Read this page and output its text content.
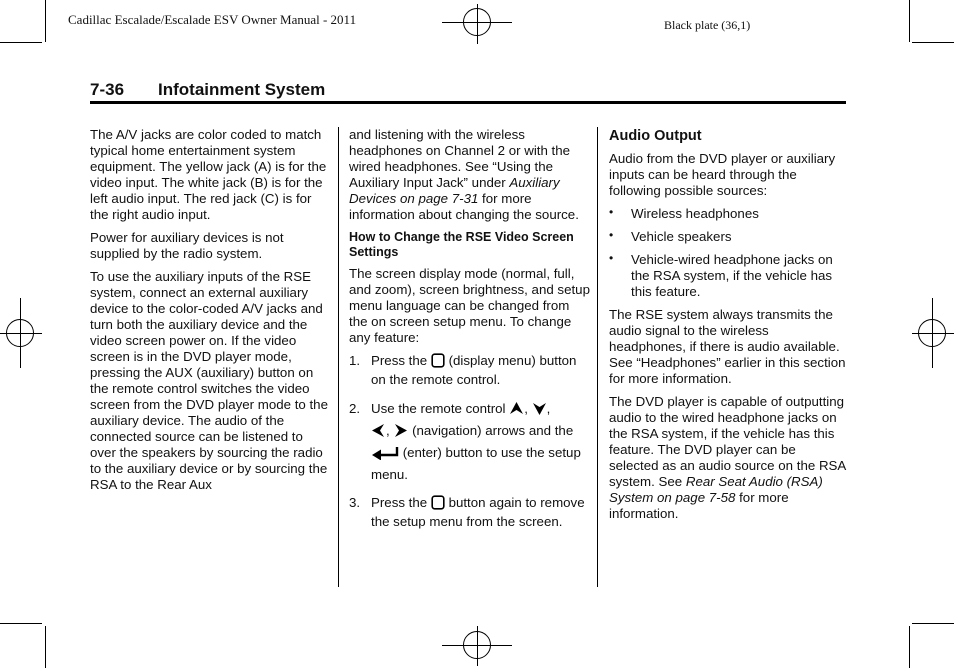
Cadillac Escalade/Escalade ESV Owner Manual - 2011	Black plate (36,1)
7-36 Infotainment System

The A/V jacks are color coded to match typical home entertainment system equipment. The yellow jack (A) is for the video input. The white jack (B) is for the left audio input. The red jack (C) is for the right audio input.

Power for auxiliary devices is not supplied by the radio system.

To use the auxiliary inputs of the RSE system, connect an external auxiliary device to the color-coded A/V jacks and turn both the auxiliary device and the video screen power on. If the video screen is in the DVD player mode, pressing the AUX (auxiliary) button on the remote control switches the video screen from the DVD player mode to the auxiliary device. The audio of the connected source can be listened to over the speakers by sourcing the radio to the auxiliary device or by sourcing the RSA to the Rear Aux

and listening with the wireless headphones on Channel 2 or with the wired headphones. See “Using the Auxiliary Input Jack” under Auxiliary Devices on page 7-31 for more information about changing the source.

How to Change the RSE Video Screen Settings

The screen display mode (normal, full, and zoom), screen brightness, and setup menu language can be changed from the on screen setup menu. To change any feature:

1. Press the  (display menu) button on the remote control.
2. Use the remote control , ,
,  (navigation) arrows and the  (enter) button to use the setup menu.
3. Press the  button again to remove the setup menu from the screen.
Audio Output

Audio from the DVD player or auxiliary inputs can be heard through the following possible sources:

• Wireless headphones
• Vehicle speakers
• Vehicle-wired headphone jacks on the RSA system, if the vehicle has this feature.

The RSE system always transmits the audio signal to the wireless headphones, if there is audio available. See “Headphones” earlier in this section for more information.

The DVD player is capable of outputting audio to the wired headphone jacks on the RSA system, if the vehicle has this feature. The DVD player can be selected as an audio source on the RSA system. See Rear Seat Audio (RSA) System on page 7-58 for more information.
